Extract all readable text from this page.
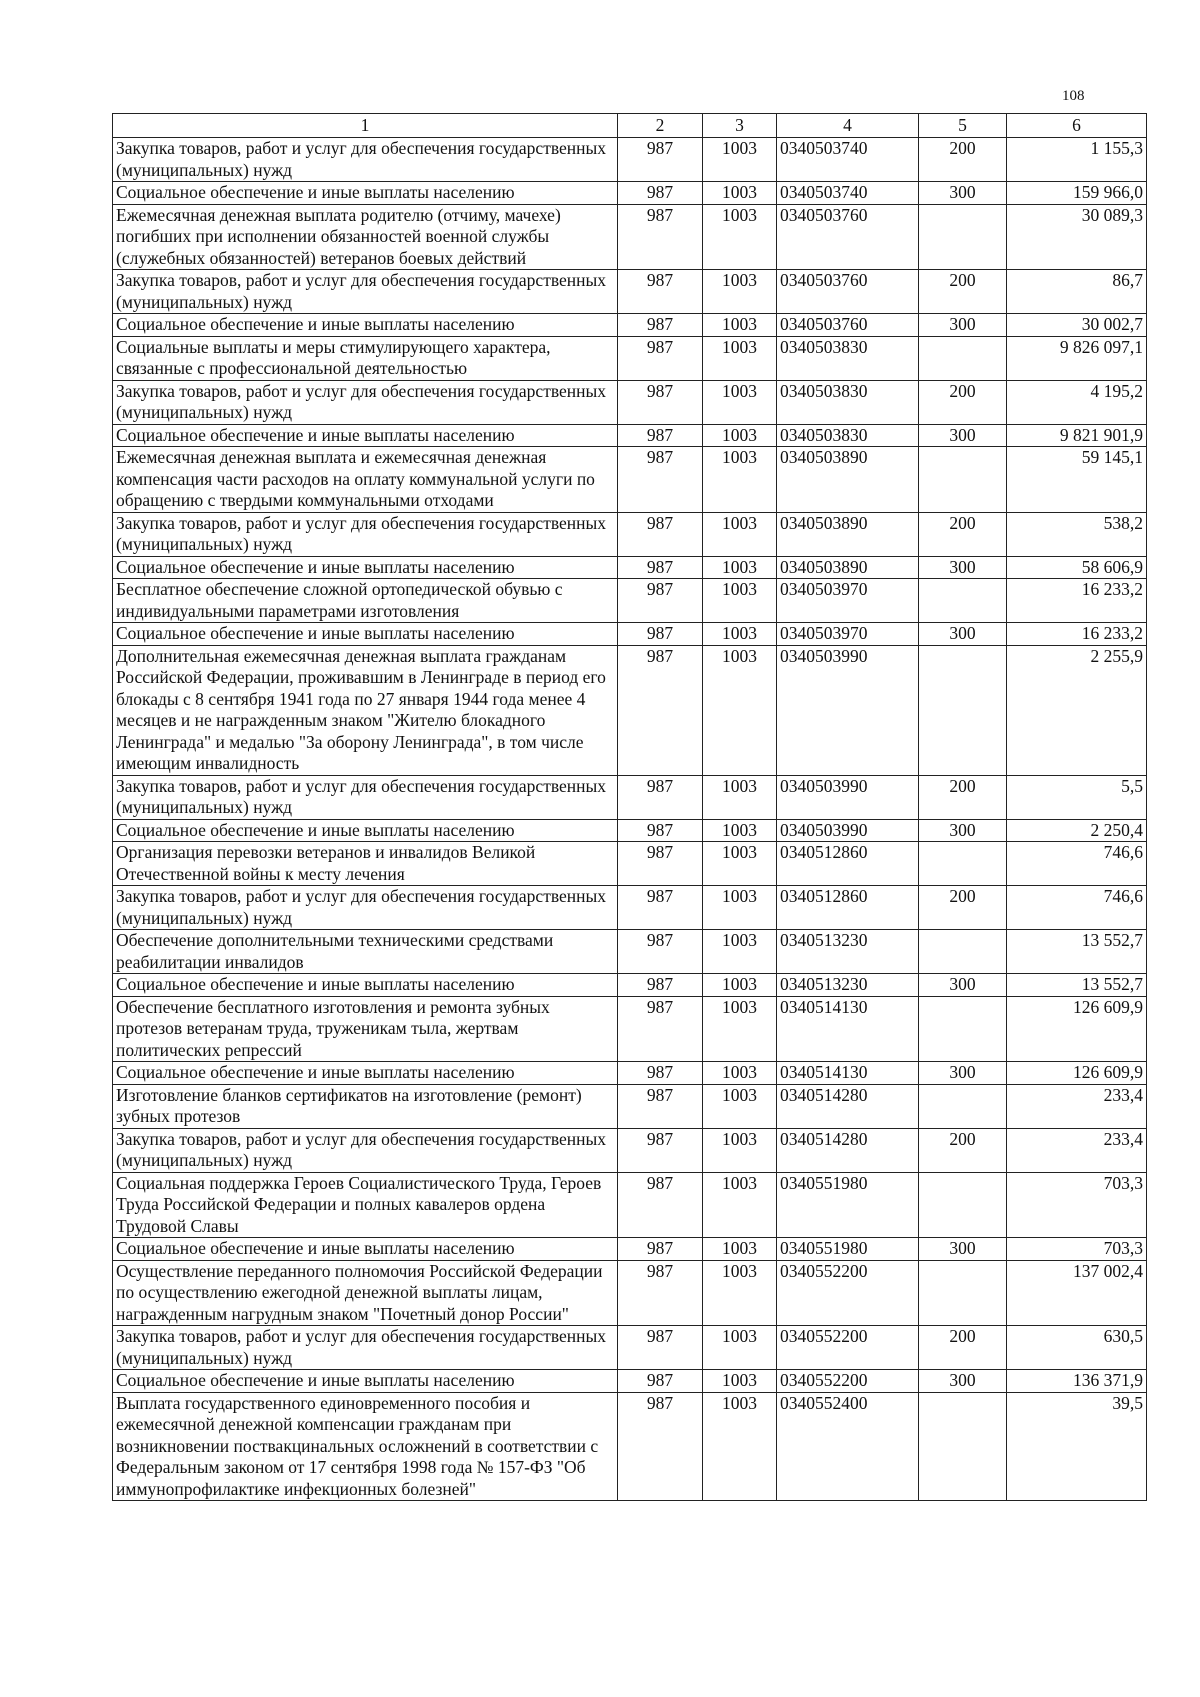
108
1	2	3	4	5	6
Закупка товаров, работ и услуг для обеспечения государственных (муниципальных) нужд	987	1003	0340503740	200	1 155,3
Социальное обеспечение и иные выплаты населению	987	1003	0340503740	300	159 966,0
Ежемесячная денежная выплата родителю (отчиму, мачехе) погибших при исполнении обязанностей военной службы (служебных обязанностей) ветеранов боевых действий	987	1003	0340503760		30 089,3
Закупка товаров, работ и услуг для обеспечения государственных (муниципальных) нужд	987	1003	0340503760	200	86,7
Социальное обеспечение и иные выплаты населению	987	1003	0340503760	300	30 002,7
Социальные выплаты и меры стимулирующего характера, связанные с профессиональной деятельностью	987	1003	0340503830		9 826 097,1
Закупка товаров, работ и услуг для обеспечения государственных (муниципальных) нужд	987	1003	0340503830	200	4 195,2
Социальное обеспечение и иные выплаты населению	987	1003	0340503830	300	9 821 901,9
Ежемесячная денежная выплата и ежемесячная денежная компенсация части расходов на оплату коммунальной услуги по обращению с твердыми коммунальными отходами	987	1003	0340503890		59 145,1
Закупка товаров, работ и услуг для обеспечения государственных (муниципальных) нужд	987	1003	0340503890	200	538,2
Социальное обеспечение и иные выплаты населению	987	1003	0340503890	300	58 606,9
Бесплатное обеспечение сложной ортопедической обувью с индивидуальными параметрами изготовления	987	1003	0340503970		16 233,2
Социальное обеспечение и иные выплаты населению	987	1003	0340503970	300	16 233,2
Дополнительная ежемесячная денежная выплата гражданам Российской Федерации, проживавшим в Ленинграде в период его блокады с 8 сентября 1941 года по 27 января 1944 года менее 4 месяцев и не награжденным знаком "Жителю блокадного Ленинграда" и медалью "За оборону Ленинграда", в том числе имеющим инвалидность	987	1003	0340503990		2 255,9
Закупка товаров, работ и услуг для обеспечения государственных (муниципальных) нужд	987	1003	0340503990	200	5,5
Социальное обеспечение и иные выплаты населению	987	1003	0340503990	300	2 250,4
Организация перевозки ветеранов и инвалидов Великой Отечественной войны к месту лечения	987	1003	0340512860		746,6
Закупка товаров, работ и услуг для обеспечения государственных (муниципальных) нужд	987	1003	0340512860	200	746,6
Обеспечение дополнительными техническими средствами реабилитации инвалидов	987	1003	0340513230		13 552,7
Социальное обеспечение и иные выплаты населению	987	1003	0340513230	300	13 552,7
Обеспечение бесплатного изготовления и ремонта зубных протезов ветеранам труда, труженикам тыла, жертвам политических репрессий	987	1003	0340514130		126 609,9
Социальное обеспечение и иные выплаты населению	987	1003	0340514130	300	126 609,9
Изготовление бланков сертификатов на изготовление (ремонт) зубных протезов	987	1003	0340514280		233,4
Закупка товаров, работ и услуг для обеспечения государственных (муниципальных) нужд	987	1003	0340514280	200	233,4
Социальная поддержка Героев Социалистического Труда, Героев Труда Российской Федерации и полных кавалеров ордена Трудовой Славы	987	1003	0340551980		703,3
Социальное обеспечение и иные выплаты населению	987	1003	0340551980	300	703,3
Осуществление переданного полномочия Российской Федерации по осуществлению ежегодной денежной выплаты лицам, награжденным нагрудным знаком "Почетный донор России"	987	1003	0340552200		137 002,4
Закупка товаров, работ и услуг для обеспечения государственных (муниципальных) нужд	987	1003	0340552200	200	630,5
Социальное обеспечение и иные выплаты населению	987	1003	0340552200	300	136 371,9
Выплата государственного единовременного пособия и ежемесячной денежной компенсации гражданам при возникновении поствакцинальных осложнений в соответствии с Федеральным законом от 17 сентября 1998 года № 157-ФЗ "Об иммунопрофилактике инфекционных болезней"	987	1003	0340552400		39,5
